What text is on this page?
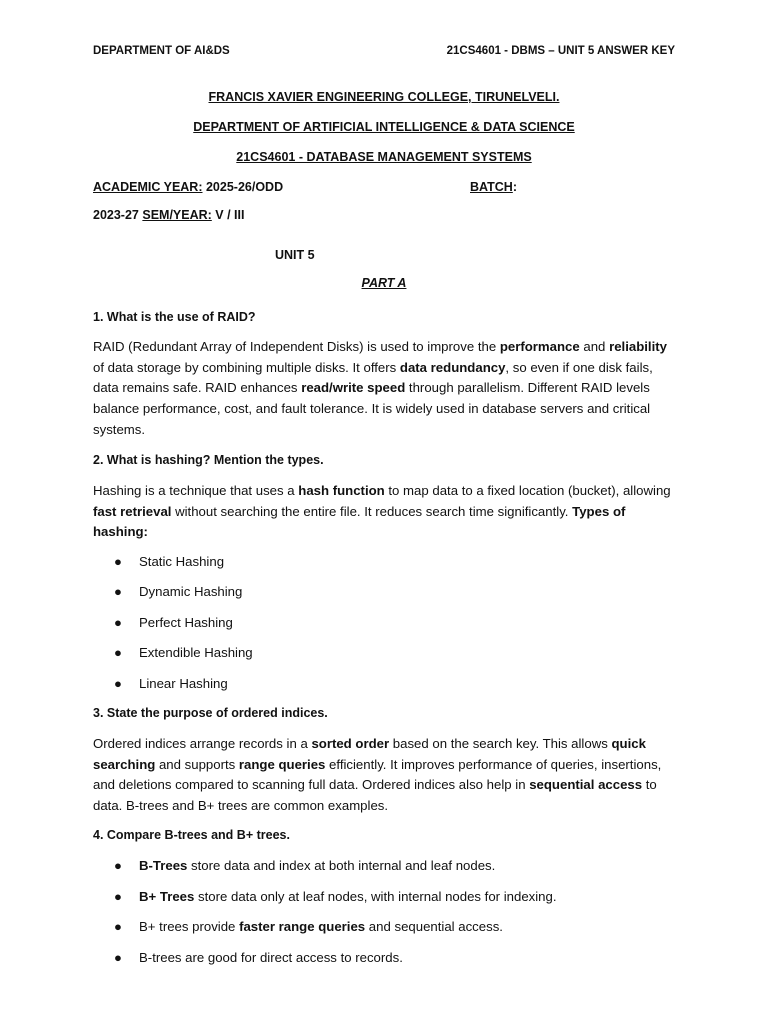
DEPARTMENT OF AI&DS	21CS4601 - DBMS – UNIT 5 ANSWER KEY
FRANCIS XAVIER ENGINEERING COLLEGE, TIRUNELVELI.
DEPARTMENT OF ARTIFICIAL INTELLIGENCE & DATA SCIENCE
21CS4601 - DATABASE MANAGEMENT SYSTEMS
ACADEMIC YEAR: 2025-26/ODD	BATCH:
2023-27 SEM/YEAR: V / III
UNIT 5
PART A
1. What is the use of RAID?

RAID (Redundant Array of Independent Disks) is used to improve the performance and reliability of data storage by combining multiple disks. It offers data redundancy, so even if one disk fails, data remains safe. RAID enhances read/write speed through parallelism. Different RAID levels balance performance, cost, and fault tolerance. It is widely used in database servers and critical systems.

2. What is hashing? Mention the types.

Hashing is a technique that uses a hash function to map data to a fixed location (bucket), allowing fast retrieval without searching the entire file. It reduces search time significantly. Types of hashing:

● Static Hashing
● Dynamic Hashing
● Perfect Hashing
● Extendible Hashing
● Linear Hashing
3. State the purpose of ordered indices.

Ordered indices arrange records in a sorted order based on the search key. This allows quick searching and supports range queries efficiently. It improves performance of queries, insertions, and deletions compared to scanning full data. Ordered indices also help in sequential access to data. B-trees and B+ trees are common examples.

4. Compare B-trees and B+ trees.
● B-Trees store data and index at both internal and leaf nodes.
● B+ Trees store data only at leaf nodes, with internal nodes for indexing.
● B+ trees provide faster range queries and sequential access.
● B-trees are good for direct access to records.
